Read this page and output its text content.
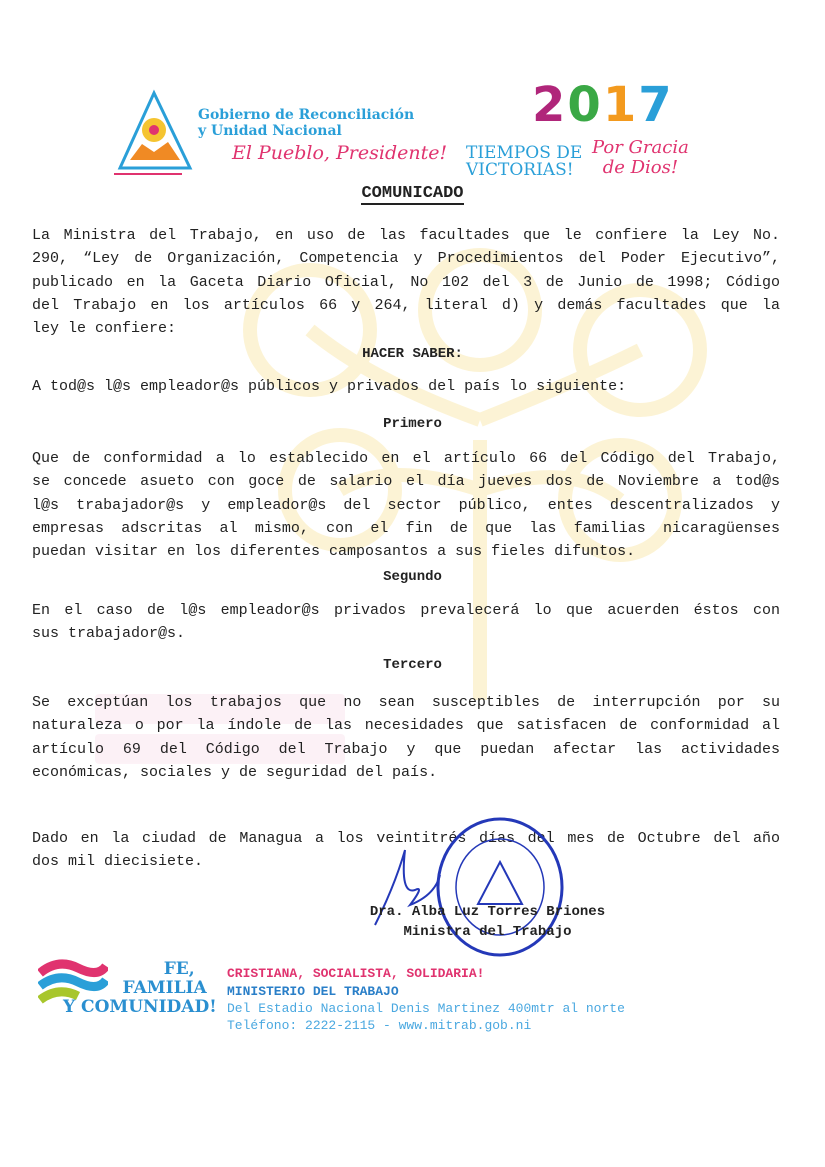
Gobierno de Reconciliación
y Unidad Nacional
El Pueblo, Presidente!
2017
TIEMPOS DE
VICTORIAS!
Por Gracia
de Dios!
COMUNICADO
La Ministra del Trabajo, en uso de las facultades que le confiere la Ley No.
290, “Ley de Organización, Competencia y Procedimientos del Poder Ejecutivo”,
publicado en la Gaceta Diario Oficial, No 102 del 3 de Junio de 1998; Código
del Trabajo en los artículos 66 y 264, literal d) y demás facultades que la
ley le confiere:
A tod@s l@s empleador@s públicos y privados del país lo siguiente:
Que de conformidad a lo establecido en el artículo 66 del Código del Trabajo,
se concede asueto con goce de salario el día jueves dos de Noviembre a tod@s
l@s trabajador@s y empleador@s del sector público, entes descentralizados y
empresas adscritas al mismo, con el fin de que las familias nicaragüenses
puedan visitar en los diferentes camposantos a sus fieles difuntos.
En el caso de l@s empleador@s privados prevalecerá lo que acuerden éstos con
sus trabajador@s.
Se exceptúan los trabajos que no sean susceptibles de interrupción por su
naturaleza o por la índole de las necesidades que satisfacen de conformidad al
artículo 69 del Código del Trabajo y que puedan afectar las actividades
económicas, sociales y de seguridad del país.
Dado en la ciudad de Managua a los veintitrés días del mes de Octubre del año
dos mil diecisiete.
HACER SABER:
Primero
Segundo
Tercero
Dra. Alba Luz Torres Briones
Ministra del Trabajo
FE,
FAMILIA
Y COMUNIDAD!
CRISTIANA, SOCIALISTA, SOLIDARIA!
MINISTERIO DEL TRABAJO
Del Estadio Nacional Denis Martinez 400mtr al norte
Teléfono: 2222-2115 - www.mitrab.gob.ni
